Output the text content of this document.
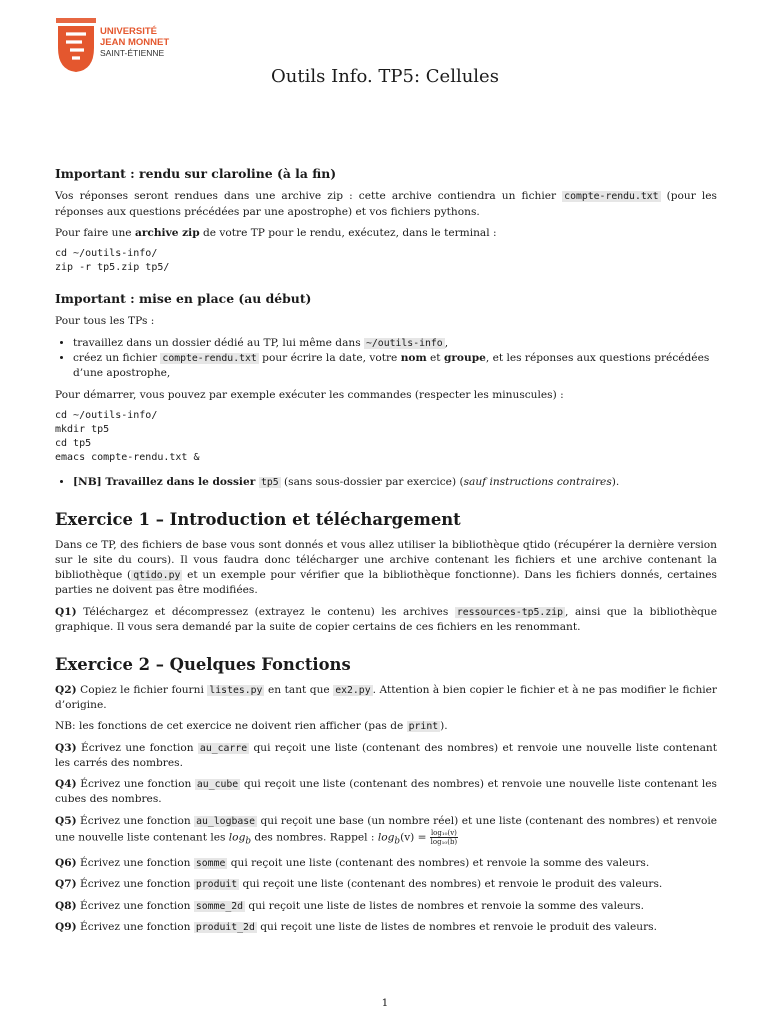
UNIVERSITÉ
JEAN MONNET
SAINT-ÉTIENNE
Outils Info. TP5: Cellules
Important : rendu sur claroline (à la fin)

Vos réponses seront rendues dans une archive zip : cette archive contiendra un fichier compte-rendu.txt (pour les réponses aux questions précédées par une apostrophe) et vos fichiers pythons.

Pour faire une archive zip de votre TP pour le rendu, exécutez, dans le terminal :

cd ~/outils-info/
zip -r tp5.zip tp5/
Important : mise en place (au début)

Pour tous les TPs :

• travaillez dans un dossier dédié au TP, lui même dans ~/outils-info ,
• créez un fichier compte-rendu.txt pour écrire la date, votre nom et groupe, et les réponses aux questions précédées d’une apostrophe,

Pour démarrer, vous pouvez par exemple exécuter les commandes (respecter les minuscules) :

cd ~/outils-info/
mkdir tp5
cd tp5
emacs compte-rendu.txt &
• [NB] Travaillez dans le dossier tp5 (sans sous-dossier par exercice) (sauf instructions contraires).
Exercice 1 – Introduction et téléchargement

Dans ce TP, des fichiers de base vous sont donnés et vous allez utiliser la bibliothèque qtido (récupérer la dernière version sur le site du cours). Il vous faudra donc télécharger une archive contenant les fichiers et une archive contenant la bibliothèque ( qtido.py et un exemple pour vérifier que la bibliothèque fonctionne). Dans les fichiers donnés, certaines parties ne doivent pas être modifiées.

Q1) Téléchargez et décompressez (extrayez le contenu) les archives ressources-tp5.zip , ainsi que la bibliothèque graphique. Il vous sera demandé par la suite de copier certains de ces fichiers en les renommant.

Exercice 2 – Quelques Fonctions

Q2) Copiez le fichier fourni listes.py en tant que ex2.py . Attention à bien copier le fichier et à ne pas modifier le fichier d’origine.

NB: les fonctions de cet exercice ne doivent rien afficher (pas de print ).

Q3) Écrivez une fonction au_carre qui reçoit une liste (contenant des nombres) et renvoie une nouvelle liste contenant les carrés des nombres.

Q4) Écrivez une fonction au_cube qui reçoit une liste (contenant des nombres) et renvoie une nouvelle liste contenant les cubes des nombres.

Q5) Écrivez une fonction au_logbase qui reçoit une base (un nombre réel) et une liste (contenant des nombres) et renvoie une nouvelle liste contenant les $\log_b$ des nombres. Rappel : $\log_b(v) = \frac{\text{log₁₀(v)}}{\text{log₁₀(b)}}$

Q6) Écrivez une fonction somme qui reçoit une liste (contenant des nombres) et renvoie la somme des valeurs.

Q7) Écrivez une fonction produit qui reçoit une liste (contenant des nombres) et renvoie le produit des valeurs.

Q8) Écrivez une fonction somme_2d qui reçoit une liste de listes de nombres et renvoie la somme des valeurs.

Q9) Écrivez une fonction produit_2d qui reçoit une liste de listes de nombres et renvoie le produit des valeurs.

1
